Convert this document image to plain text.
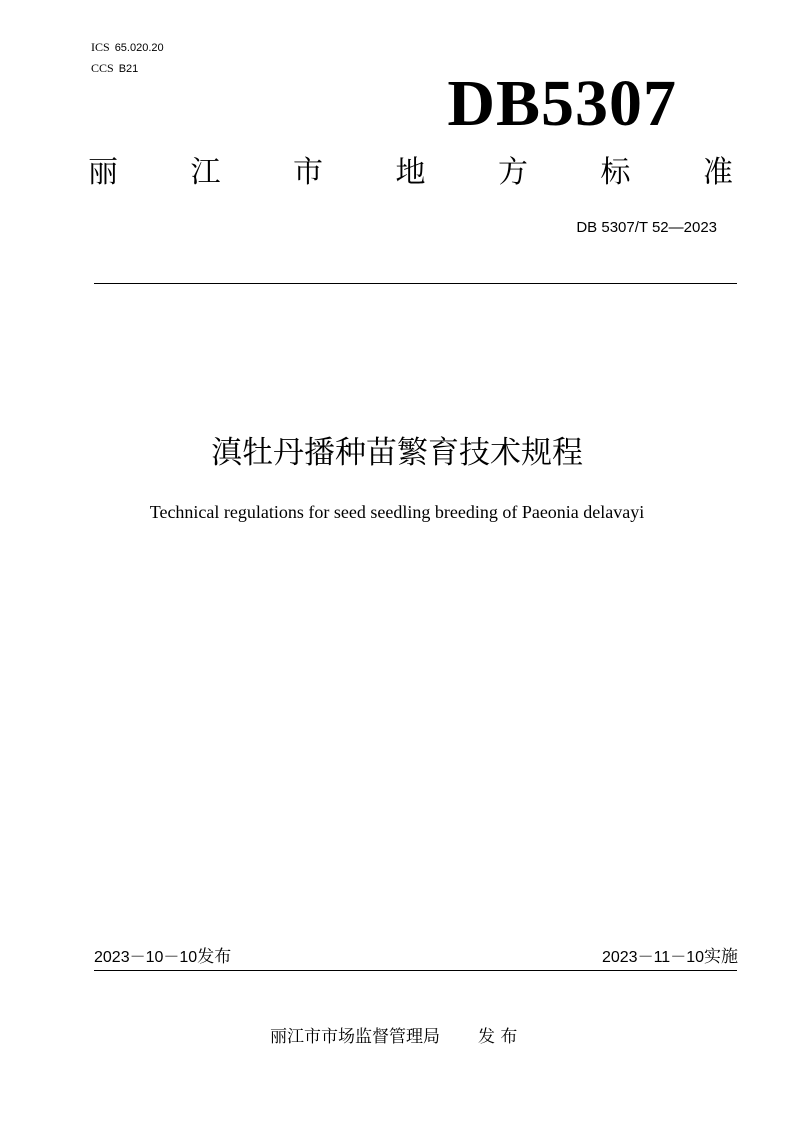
ICS 65.020.20
CCS B21	DB5307
丽 江 市 地 方 标 准
DB 5307/T 52—2023
滇牡丹播种苗繁育技术规程
Technical regulations for seed seedling breeding of Paeonia delavayi
2023－10－10发布	2023－11－10实施
丽江市市场监督管理局 发 布
